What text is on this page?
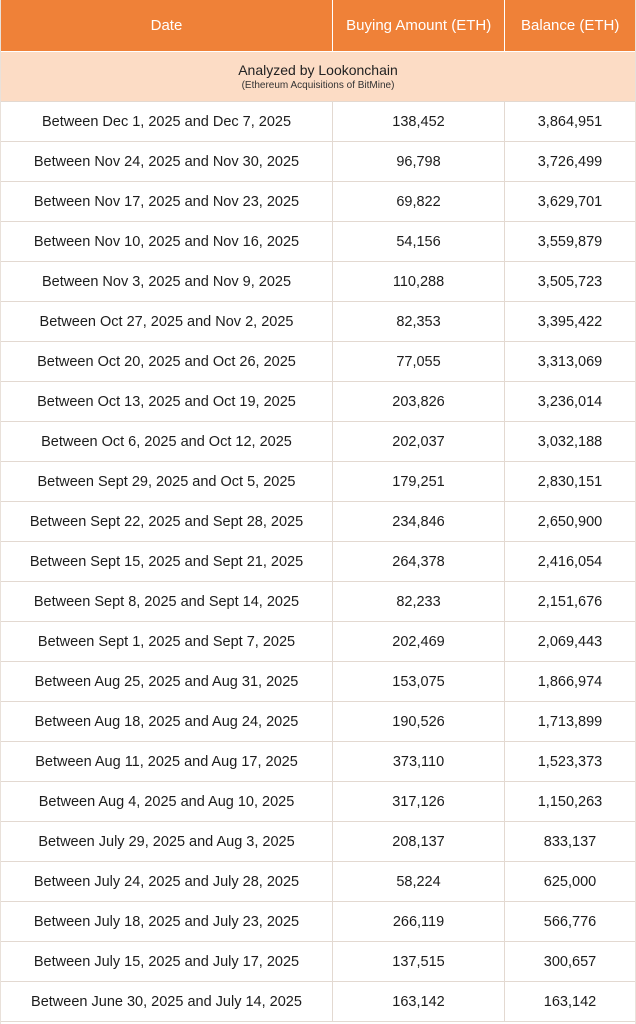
Date	Buying Amount (ETH)	Balance (ETH)
Analyzed by Lookonchain
(Ethereum Acquisitions of BitMine)
Between Dec 1, 2025 and Dec 7, 2025	138,452	3,864,951
Between Nov 24, 2025 and Nov 30, 2025	96,798	3,726,499
Between Nov 17, 2025 and Nov 23, 2025	69,822	3,629,701
Between Nov 10, 2025 and Nov 16, 2025	54,156	3,559,879
Between Nov 3, 2025 and Nov 9, 2025	110,288	3,505,723
Between Oct 27, 2025 and Nov 2, 2025	82,353	3,395,422
Between Oct 20, 2025 and Oct 26, 2025	77,055	3,313,069
Between Oct 13, 2025 and Oct 19, 2025	203,826	3,236,014
Between Oct 6, 2025 and Oct 12, 2025	202,037	3,032,188
Between Sept 29, 2025 and Oct 5, 2025	179,251	2,830,151
Between Sept 22, 2025 and Sept 28, 2025	234,846	2,650,900
Between Sept 15, 2025 and Sept 21, 2025	264,378	2,416,054
Between Sept 8, 2025 and Sept 14, 2025	82,233	2,151,676
Between Sept 1, 2025 and Sept 7, 2025	202,469	2,069,443
Between Aug 25, 2025 and Aug 31, 2025	153,075	1,866,974
Between Aug 18, 2025 and Aug 24, 2025	190,526	1,713,899
Between Aug 11, 2025 and Aug 17, 2025	373,110	1,523,373
Between Aug 4, 2025 and Aug 10, 2025	317,126	1,150,263
Between July 29, 2025 and Aug 3, 2025	208,137	833,137
Between July 24, 2025 and July 28, 2025	58,224	625,000
Between July 18, 2025 and July 23, 2025	266,119	566,776
Between July 15, 2025 and July 17, 2025	137,515	300,657
Between June 30, 2025 and July 14, 2025	163,142	163,142
